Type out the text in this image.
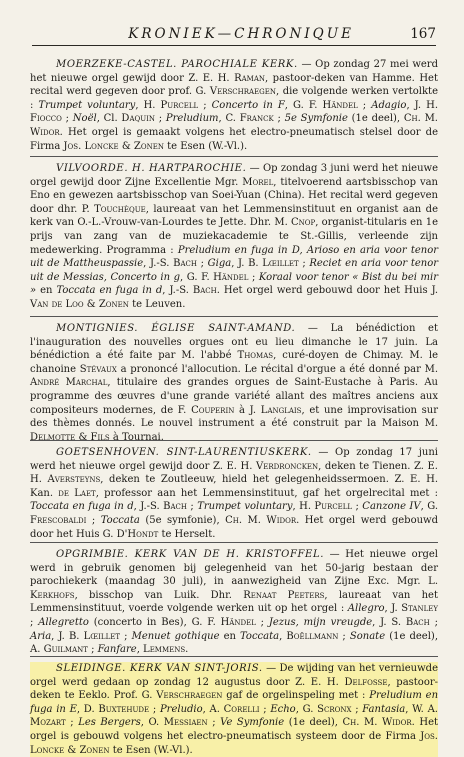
KRONIEK—CHRONIQUE	167

MOERZEKE-CASTEL. PAROCHIALE KERK. — Op zondag 27 mei werd het nieuwe orgel gewijd door Z. E. H. Raman, pastoor-deken van Hamme. Het recital werd gegeven door prof. G. Verschraegen, die volgende werken vertolkte : Trumpet voluntary, H. Purcell ; Concerto in F, G. F. Händel ; Adagio, J. H. Fiocco ; Noël, Cl. Daquin ; Preludium, C. Franck ; 5e Symfonie (1e deel), Ch. M. Widor. Het orgel is gemaakt volgens het electro-pneumatisch stelsel door de Firma Jos. Loncke & Zonen te Esen (W.-Vl.).

VILVOORDE. H. HARTPAROCHIE. — Op zondag 3 juni werd het nieuwe orgel gewijd door Zijne Excellentie Mgr. Morel, titelvoerend aartsbisschop van Eno en gewezen aartsbisschop van Soei-Yuan (China). Het recital werd gegeven door dhr. P. Touchèque, laureaat van het Lemmensinstituut en organist aan de kerk van O.-L.-Vrouw-van-Lourdes te Jette. Dhr. M. Cnop, organist-titularis en 1e prijs van zang van de muziekacademie te St.-Gillis, verleende zijn medewerking. Programma : Preludium en fuga in D, Arioso en aria voor tenor uit de Mattheuspassie, J.-S. Bach ; Giga, J. B. Lœillet ; Reciet en aria voor tenor uit de Messias, Concerto in g, G. F. Händel ; Koraal voor tenor « Bist du bei mir » en Toccata en fuga in d, J.-S. Bach. Het orgel werd gebouwd door het Huis J. Van de Loo & Zonen te Leuven.

MONTIGNIES. ÉGLISE SAINT-AMAND. — La bénédiction et l'inauguration des nouvelles orgues ont eu lieu dimanche le 17 juin. La bénédiction a été faite par M. l'abbé Thomas, curé-doyen de Chimay. M. le chanoine Stévaux a prononcé l'allocution. Le récital d'orgue a été donné par M. André Marchal, titulaire des grandes orgues de Saint-Eustache à Paris. Au programme des œuvres d'une grande variété allant des maîtres anciens aux compositeurs modernes, de F. Couperin à J. Langlais, et une improvisation sur des thèmes donnés. Le nouvel instrument a été construit par la Maison M. Delmotte & Fils à Tournai.

GOETSENHOVEN. SINT-LAURENTIUSKERK. — Op zondag 17 juni werd het nieuwe orgel gewijd door Z. E. H. Verdroncken, deken te Tienen. Z. E. H. Aversteyns, deken te Zoutleeuw, hield het gelegenheidssermoen. Z. E. H. Kan. de Laet, professor aan het Lemmensinstituut, gaf het orgelrecital met : Toccata en fuga in d, J.-S. Bach ; Trumpet voluntary, H. Purcell ; Canzone IV, G. Frescobaldi ; Toccata (5e symfonie), Ch. M. Widor. Het orgel werd gebouwd door het Huis G. D'Hondt te Herselt.

OPGRIMBIE. KERK VAN DE H. KRISTOFFEL. — Het nieuwe orgel werd in gebruik genomen bij gelegenheid van het 50-jarig bestaan der parochiekerk (maandag 30 juli), in aanwezigheid van Zijne Exc. Mgr. L. Kerkhofs, bisschop van Luik. Dhr. Renaat Peeters, laureaat van het Lemmensinstituut, voerde volgende werken uit op het orgel : Allegro, J. Stanley ; Allegretto (concerto in Bes), G. F. Händel ; Jezus, mijn vreugde, J. S. Bach ; Aria, J. B. Lœillet ; Menuet gothique en Toccata, Boëllmann ; Sonate (1e deel), A. Guilmant ; Fanfare, Lemmens.

SLEIDINGE. KERK VAN SINT-JORIS. — De wijding van het vernieuwde orgel werd gedaan op zondag 12 augustus door Z. E. H. Delfosse, pastoor-deken te Eeklo. Prof. G. Verschraegen gaf de orgelinspeling met : Preludium en fuga in E, D. Buxtehude ; Preludio, A. Corelli ; Echo, G. Scronx ; Fantasia, W. A. Mozart ; Les Bergers, O. Messiaen ; Ve Symfonie (1e deel), Ch. M. Widor. Het orgel is gebouwd volgens het electro-pneumatisch systeem door de Firma Jos. Loncke & Zonen te Esen (W.-Vl.).
